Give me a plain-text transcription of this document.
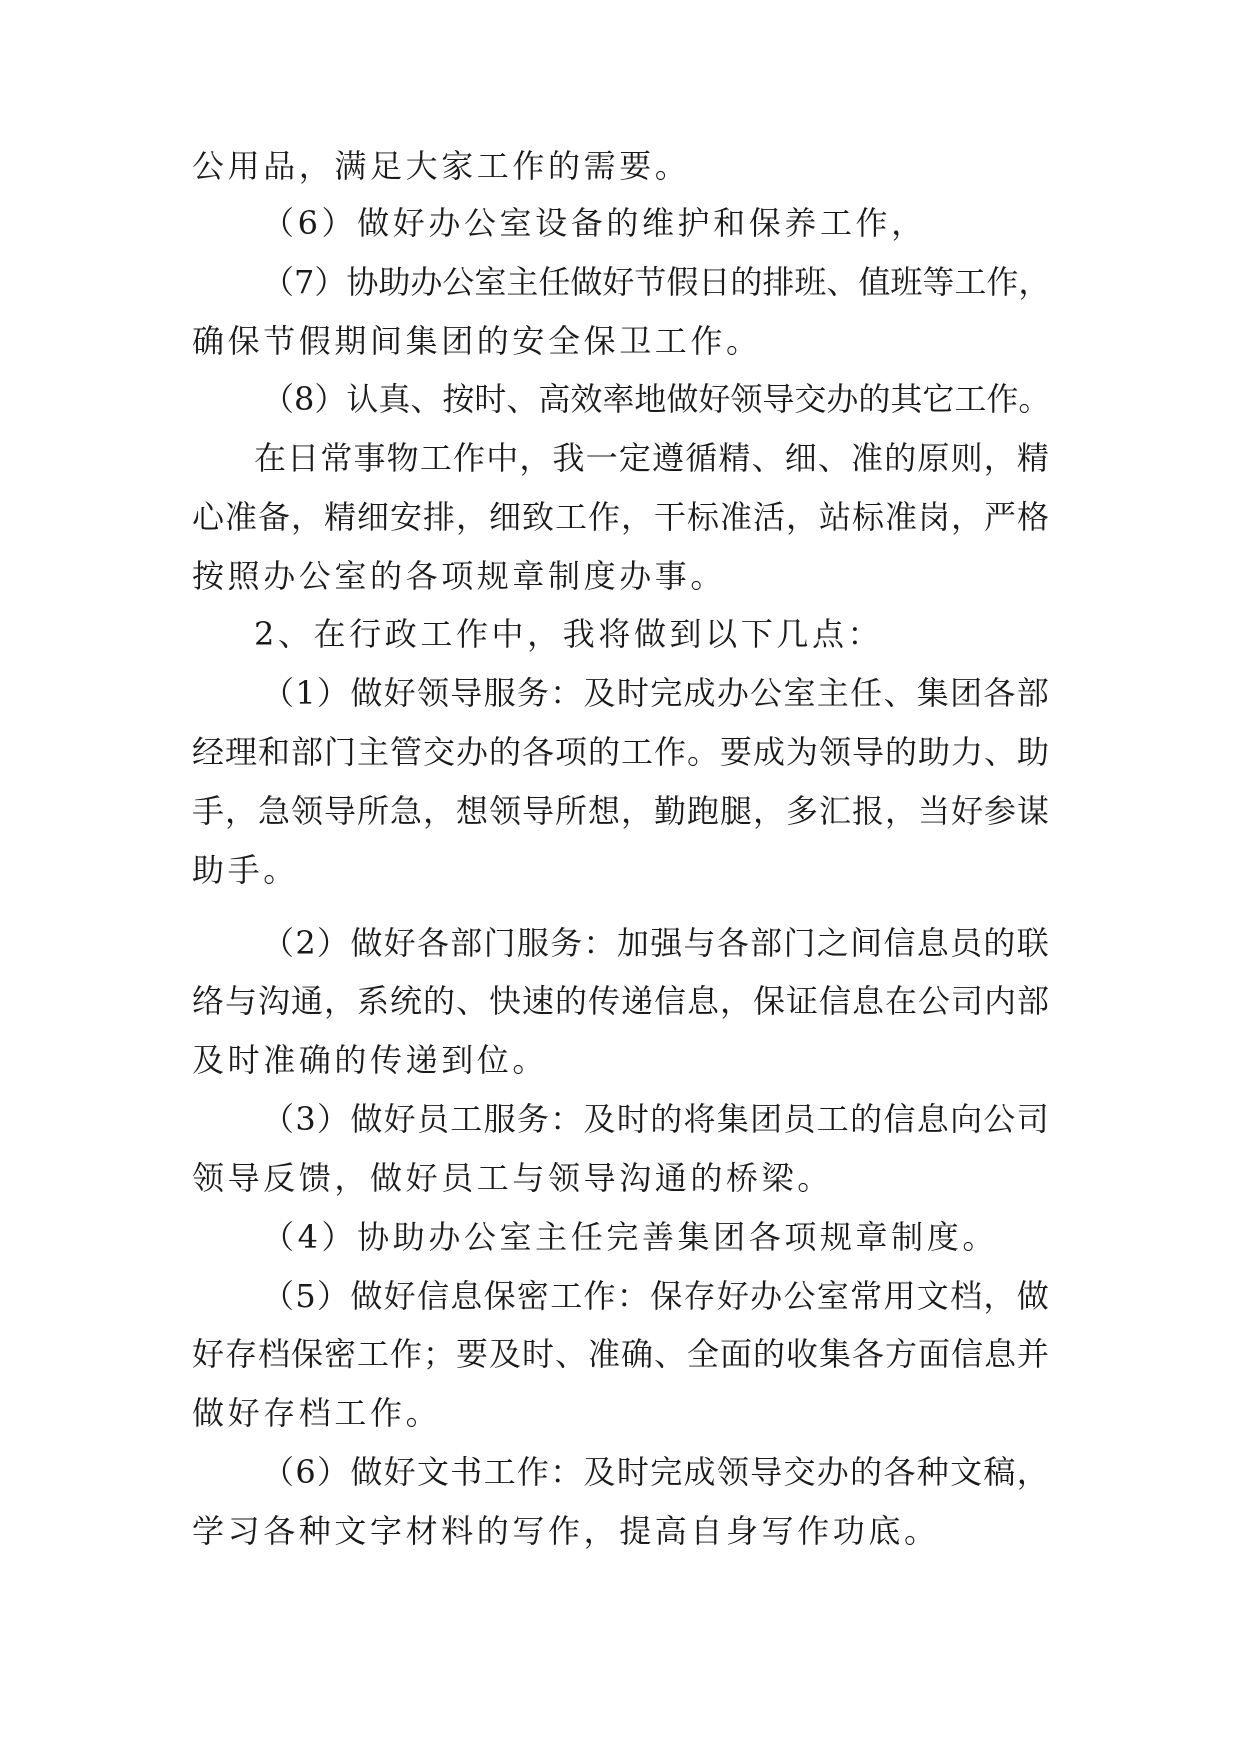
公用品，满足大家工作的需要。
（6）做好办公室设备的维护和保养工作，
（7）协助办公室主任做好节假日的排班、值班等工作，
确保节假期间集团的安全保卫工作。
（8）认真、按时、高效率地做好领导交办的其它工作。
在日常事物工作中，我一定遵循精、细、准的原则，精
心准备，精细安排，细致工作，干标准活，站标准岗，严格
按照办公室的各项规章制度办事。
2、在行政工作中，我将做到以下几点：
（1）做好领导服务：及时完成办公室主任、集团各部
经理和部门主管交办的各项的工作。要成为领导的助力、助
手，急领导所急，想领导所想，勤跑腿，多汇报，当好参谋
助手。
（2）做好各部门服务：加强与各部门之间信息员的联
络与沟通，系统的、快速的传递信息，保证信息在公司内部
及时准确的传递到位。
（3）做好员工服务：及时的将集团员工的信息向公司
领导反馈，做好员工与领导沟通的桥梁。
（4）协助办公室主任完善集团各项规章制度。
（5）做好信息保密工作：保存好办公室常用文档，做
好存档保密工作；要及时、准确、全面的收集各方面信息并
做好存档工作。
（6）做好文书工作：及时完成领导交办的各种文稿，
学习各种文字材料的写作，提高自身写作功底。
